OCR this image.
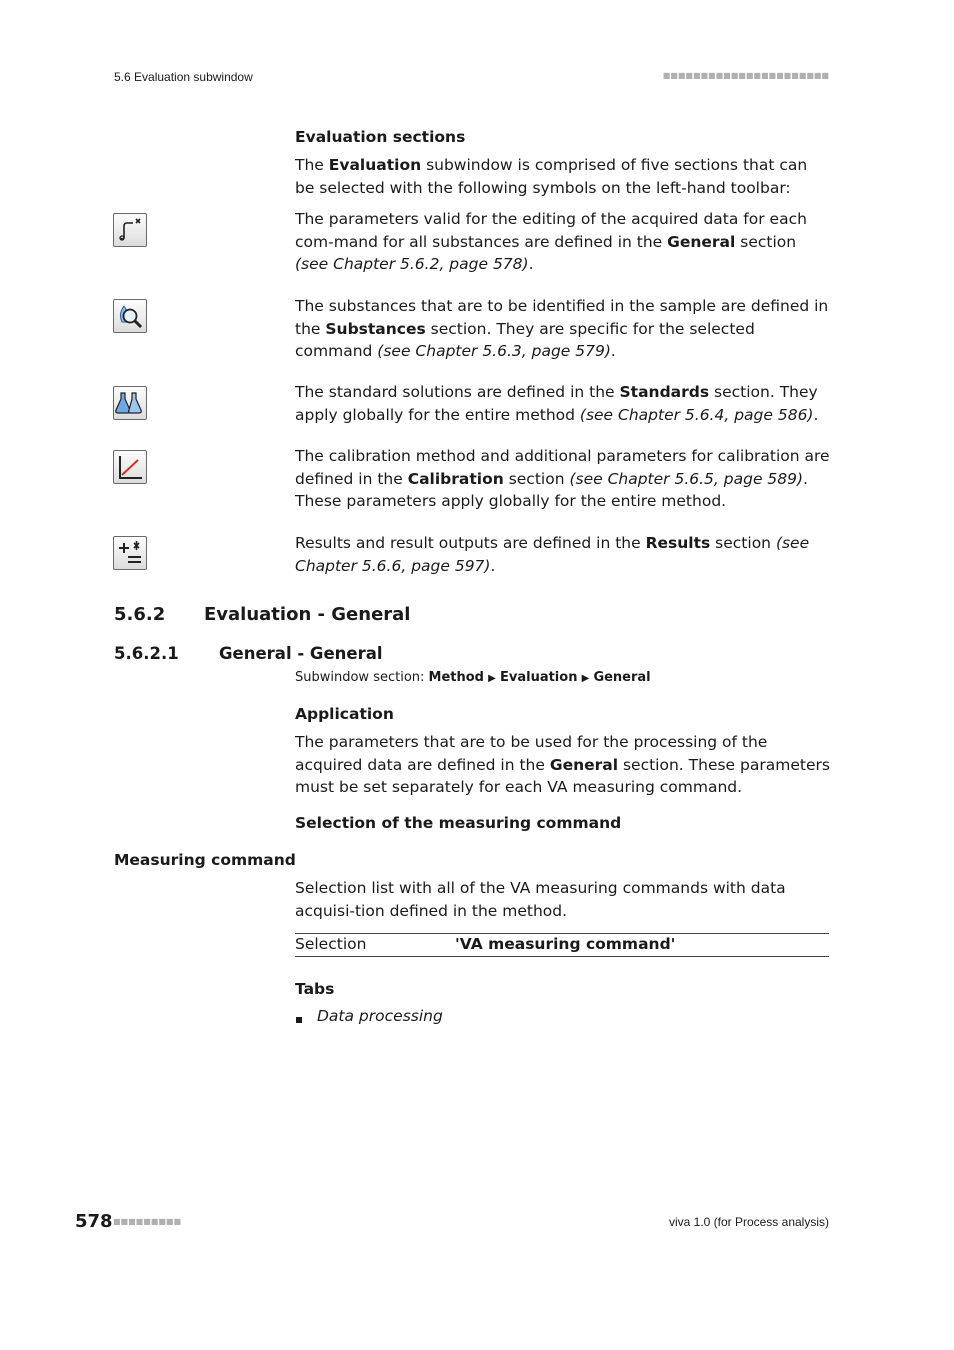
5.6 Evaluation subwindow	■■■■■■■■■■■■■■■■■■■■■■
Evaluation sections
The Evaluation subwindow is comprised of five sections that can be selected with the following symbols on the left-hand toolbar:
The parameters valid for the editing of the acquired data for each com-mand for all substances are defined in the General section (see Chapter 5.6.2, page 578).
The substances that are to be identified in the sample are defined in the Substances section. They are specific for the selected command (see Chapter 5.6.3, page 579).
The standard solutions are defined in the Standards section. They apply globally for the entire method (see Chapter 5.6.4, page 586).
The calibration method and additional parameters for calibration are defined in the Calibration section (see Chapter 5.6.5, page 589). These parameters apply globally for the entire method.
Results and result outputs are defined in the Results section (see Chapter 5.6.6, page 597).
5.6.2 Evaluation - General
5.6.2.1 General - General
Subwindow section: Method ▶ Evaluation ▶ General
Application
The parameters that are to be used for the processing of the acquired data are defined in the General section. These parameters must be set separately for each VA measuring command.
Selection of the measuring command
Measuring command
Selection list with all of the VA measuring commands with data acquisi-tion defined in the method.
Selection	'VA measuring command'
Tabs
Data processing
578 ■■■■■■■■■	viva 1.0 (for Process analysis)
